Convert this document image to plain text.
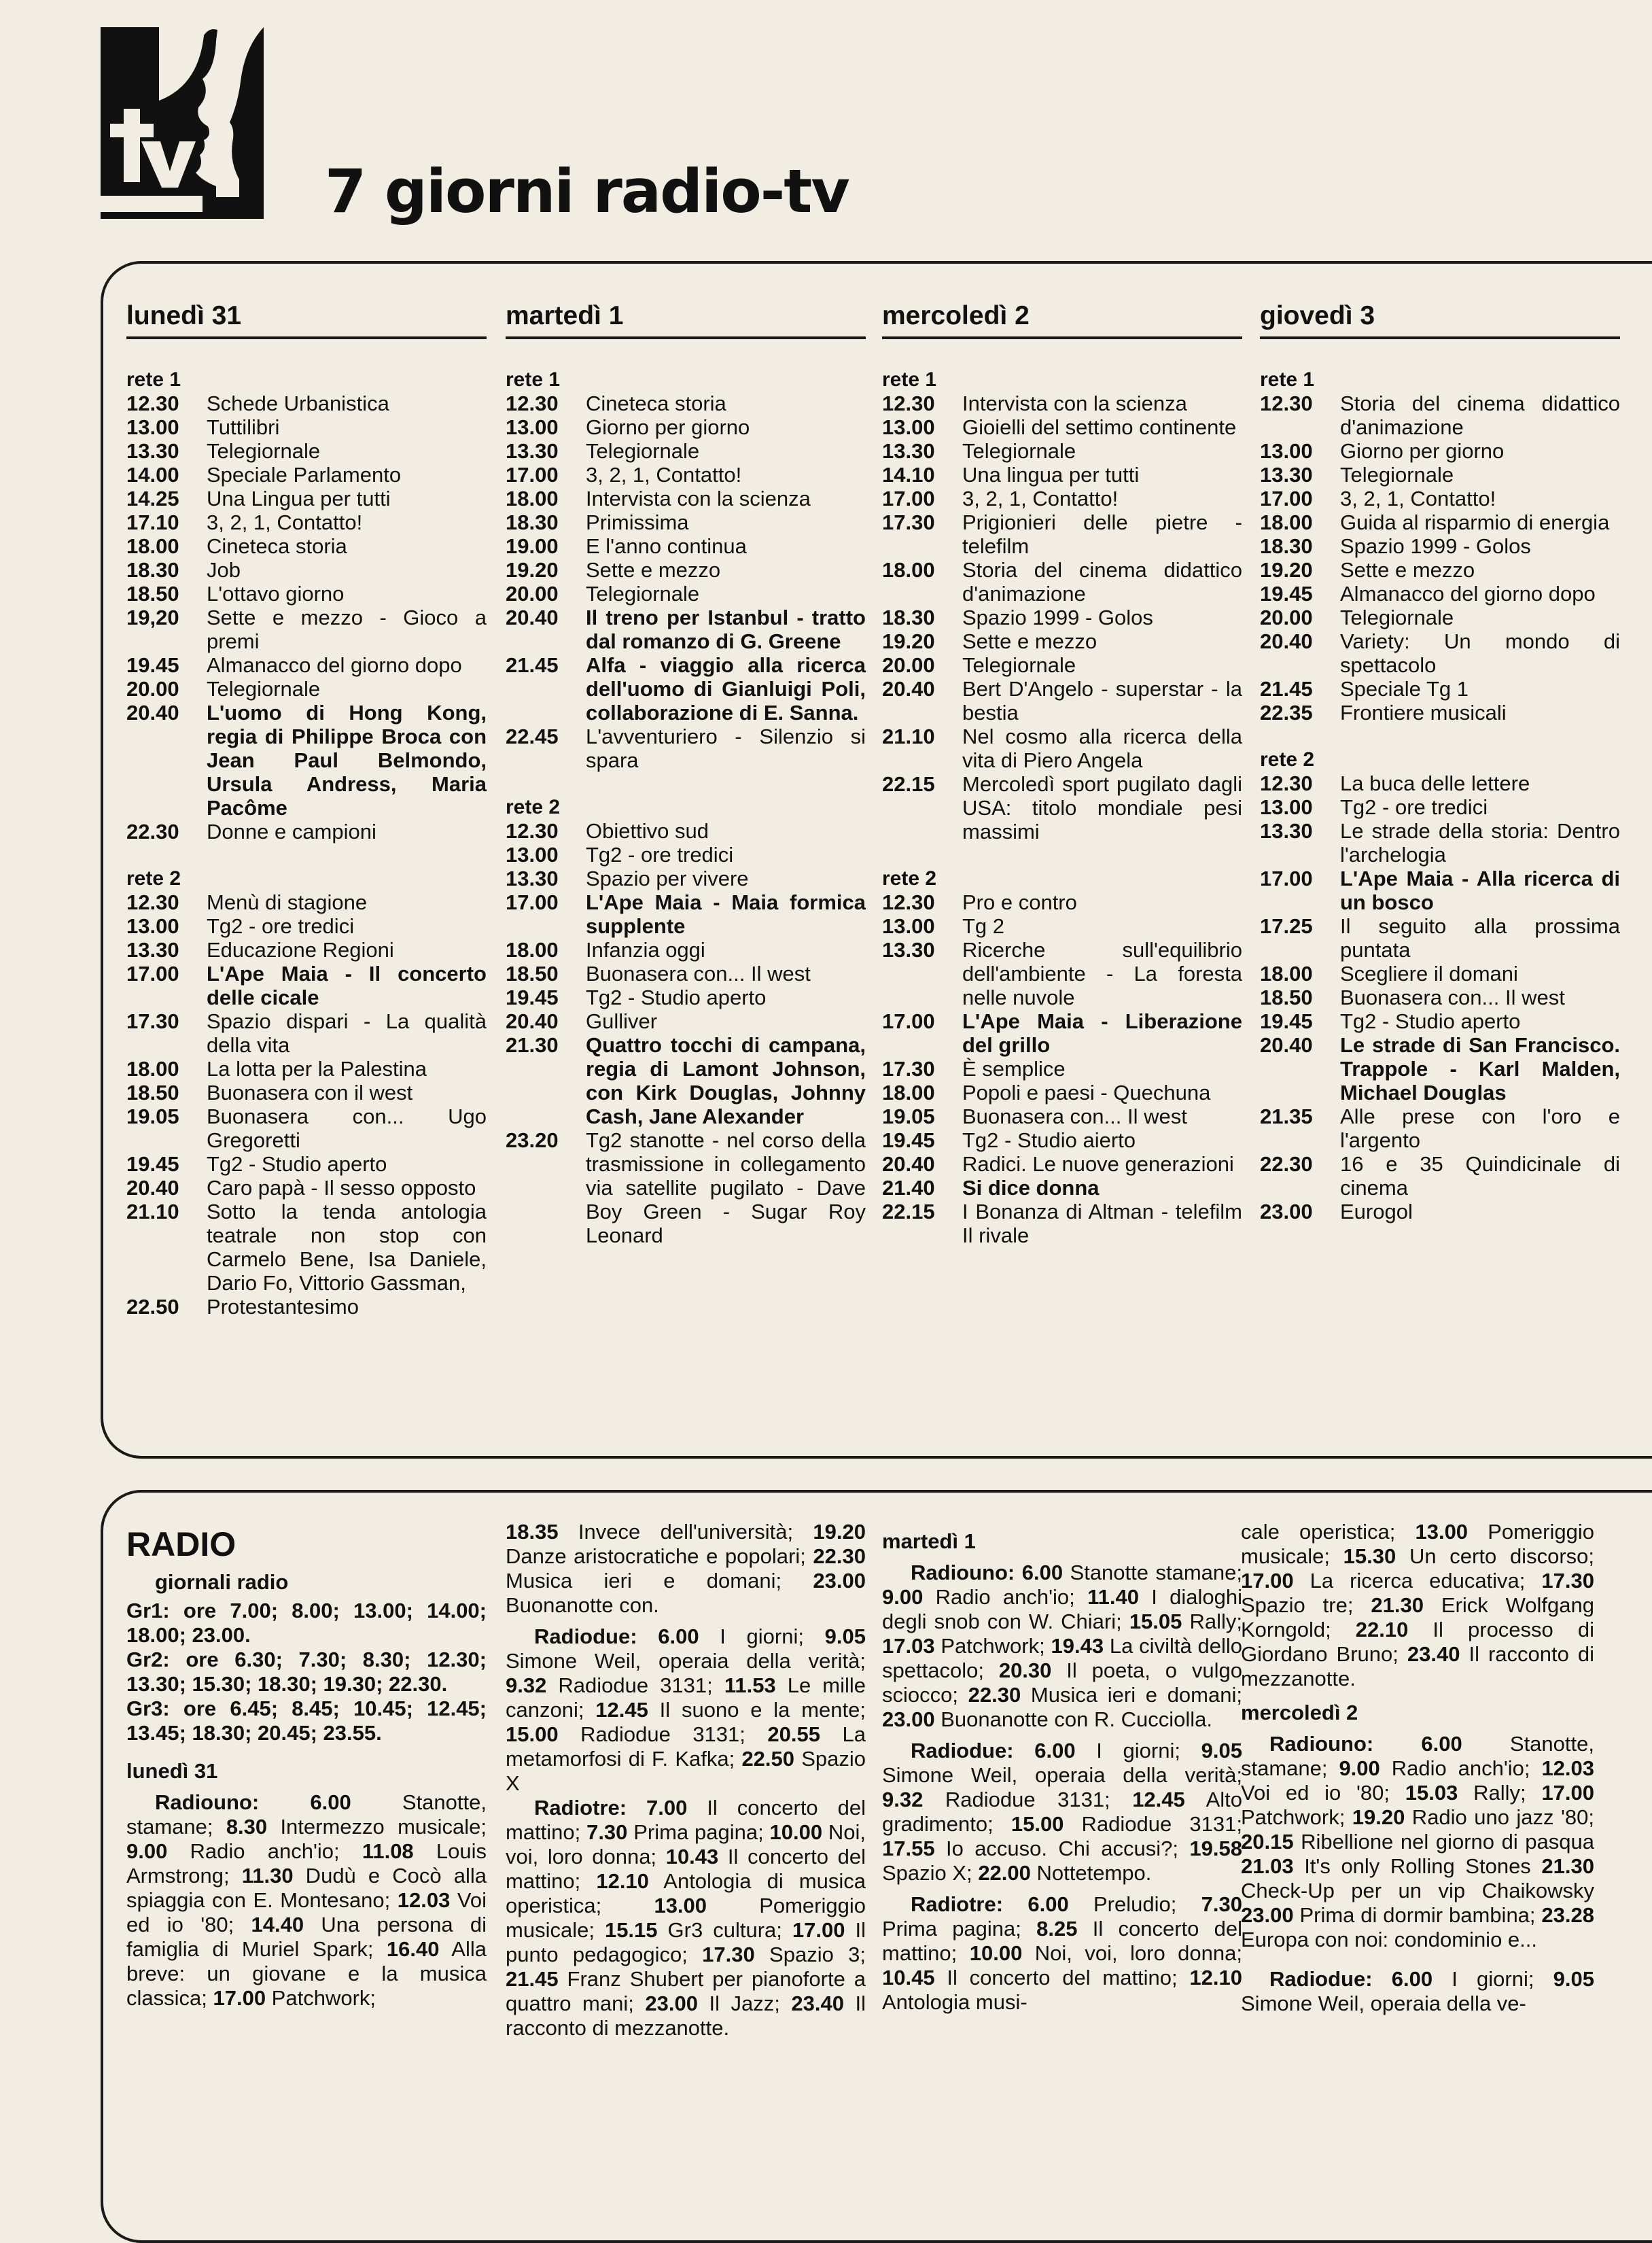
7 giorni radio-tv
lunedì 31
rete 1
12.30	Schede Urbanistica
13.00	Tuttilibri
13.30	Telegiornale
14.00	Speciale Parlamento
14.25	Una Lingua per tutti
17.10	3, 2, 1, Contatto!
18.00	Cineteca storia
18.30	Job
18.50	L'ottavo giorno
19,20	Sette e mezzo - Gioco a premi
19.45	Almanacco del giorno dopo
20.00	Telegiornale
20.40	L'uomo di Hong Kong, regia di Philippe Broca con Jean Paul Belmondo, Ursula Andress, Maria Pacôme
22.30	Donne e campioni
rete 2
12.30	Menù di stagione
13.00	Tg2 - ore tredici
13.30	Educazione Regioni
17.00	L'Ape Maia - Il concerto delle cicale
17.30	Spazio dispari - La qualità della vita
18.00	La lotta per la Palestina
18.50	Buonasera con il west
19.05	Buonasera con... Ugo Gregoretti
19.45	Tg2 - Studio aperto
20.40	Caro papà - Il sesso opposto
21.10	Sotto la tenda antologia teatrale non stop con Carmelo Bene, Isa Daniele, Dario Fo, Vittorio Gassman,
22.50	Protestantesimo
martedì 1
rete 1
12.30	Cineteca storia
13.00	Giorno per giorno
13.30	Telegiornale
17.00	3, 2, 1, Contatto!
18.00	Intervista con la scienza
18.30	Primissima
19.00	E l'anno continua
19.20	Sette e mezzo
20.00	Telegiornale
20.40	Il treno per Istanbul - tratto dal romanzo di G. Greene
21.45	Alfa - viaggio alla ricerca dell'uomo di Gianluigi Poli, collaborazione di E. Sanna.
22.45	L'avventuriero - Silenzio si spara
rete 2
12.30	Obiettivo sud
13.00	Tg2 - ore tredici
13.30	Spazio per vivere
17.00	L'Ape Maia - Maia formica supplente
18.00	Infanzia oggi
18.50	Buonasera con... Il west
19.45	Tg2 - Studio aperto
20.40	Gulliver
21.30	Quattro tocchi di campana, regia di Lamont Johnson, con Kirk Douglas, Johnny Cash, Jane Alexander
23.20	Tg2 stanotte - nel corso della trasmissione in collegamento via satellite pugilato - Dave Boy Green - Sugar Roy Leonard
mercoledì 2
rete 1
12.30	Intervista con la scienza
13.00	Gioielli del settimo continente
13.30	Telegiornale
14.10	Una lingua per tutti
17.00	3, 2, 1, Contatto!
17.30	Prigionieri delle pietre - telefilm
18.00	Storia del cinema didattico d'animazione
18.30	Spazio 1999 - Golos
19.20	Sette e mezzo
20.00	Telegiornale
20.40	Bert D'Angelo - superstar - la bestia
21.10	Nel cosmo alla ricerca della vita di Piero Angela
22.15	Mercoledì sport pugilato dagli USA: titolo mondiale pesi massimi
rete 2
12.30	Pro e contro
13.00	Tg 2
13.30	Ricerche sull'equilibrio dell'ambiente - La foresta nelle nuvole
17.00	L'Ape Maia - Liberazione del grillo
17.30	È semplice
18.00	Popoli e paesi - Quechuna
19.05	Buonasera con... Il west
19.45	Tg2 - Studio aierto
20.40	Radici. Le nuove generazioni
21.40	Si dice donna
22.15	I Bonanza di Altman - telefilm Il rivale
giovedì 3
rete 1
12.30	Storia del cinema didattico d'animazione
13.00	Giorno per giorno
13.30	Telegiornale
17.00	3, 2, 1, Contatto!
18.00	Guida al risparmio di energia
18.30	Spazio 1999 - Golos
19.20	Sette e mezzo
19.45	Almanacco del giorno dopo
20.00	Telegiornale
20.40	Variety: Un mondo di spettacolo
21.45	Speciale Tg 1
22.35	Frontiere musicali
rete 2
12.30	La buca delle lettere
13.00	Tg2 - ore tredici
13.30	Le strade della storia: Dentro l'archelogia
17.00	L'Ape Maia - Alla ricerca di un bosco
17.25	Il seguito alla prossima puntata
18.00	Scegliere il domani
18.50	Buonasera con... Il west
19.45	Tg2 - Studio aperto
20.40	Le strade di San Francisco. Trappole - Karl Malden, Michael Douglas
21.35	Alle prese con l'oro e l'argento
22.30	16 e 35 Quindicinale di cinema
23.00	Eurogol
RADIO
giornali radio

Gr1: ore 7.00; 8.00; 13.00; 14.00; 18.00; 23.00.

Gr2: ore 6.30; 7.30; 8.30; 12.30; 13.30; 15.30; 18.30; 19.30; 22.30.

Gr3: ore 6.45; 8.45; 10.45; 12.45; 13.45; 18.30; 20.45; 23.55.

lunedì 31

Radiouno: 6.00 Stanotte, stamane; 8.30 Intermezzo musicale; 9.00 Radio anch'io; 11.08 Louis Armstrong; 11.30 Dudù e Cocò alla spiaggia con E. Montesano; 12.03 Voi ed io '80; 14.40 Una persona di famiglia di Muriel Spark; 16.40 Alla breve: un giovane e la musica classica; 17.00 Patchwork;

18.35 Invece dell'università; 19.20 Danze aristocratiche e popolari; 22.30 Musica ieri e domani; 23.00 Buonanotte con.

Radiodue: 6.00 I giorni; 9.05 Simone Weil, operaia della verità; 9.32 Radiodue 3131; 11.53 Le mille canzoni; 12.45 Il suono e la mente; 15.00 Radiodue 3131; 20.55 La metamorfosi di F. Kafka; 22.50 Spazio X

Radiotre: 7.00 Il concerto del mattino; 7.30 Prima pagina; 10.00 Noi, voi, loro donna; 10.43 Il concerto del mattino; 12.10 Antologia di musica operistica; 13.00 Pomeriggio musicale; 15.15 Gr3 cultura; 17.00 Il punto pedagogico; 17.30 Spazio 3; 21.45 Franz Shubert per pianoforte a quattro mani; 23.00 Il Jazz; 23.40 Il racconto di mezzanotte.

martedì 1

Radiouno: 6.00 Stanotte stamane; 9.00 Radio anch'io; 11.40 I dialoghi degli snob con W. Chiari; 15.05 Rally; 17.03 Patchwork; 19.43 La civiltà dello spettacolo; 20.30 Il poeta, o vulgo sciocco; 22.30 Musica ieri e domani; 23.00 Buonanotte con R. Cucciolla.

Radiodue: 6.00 I giorni; 9.05 Simone Weil, operaia della verità; 9.32 Radiodue 3131; 12.45 Alto gradimento; 15.00 Radiodue 3131; 17.55 Io accuso. Chi accusi?; 19.58 Spazio X; 22.00 Nottetempo.

Radiotre: 6.00 Preludio; 7.30 Prima pagina; 8.25 Il concerto del mattino; 10.00 Noi, voi, loro donna; 10.45 Il concerto del mattino; 12.10 Antologia musi-

cale operistica; 13.00 Pomeriggio musicale; 15.30 Un certo discorso; 17.00 La ricerca educativa; 17.30 Spazio tre; 21.30 Erick Wolfgang Korngold; 22.10 Il processo di Giordano Bruno; 23.40 Il racconto di mezzanotte.

mercoledì 2

Radiouno: 6.00 Stanotte, stamane; 9.00 Radio anch'io; 12.03 Voi ed io '80; 15.03 Rally; 17.00 Patchwork; 19.20 Radio uno jazz '80; 20.15 Ribellione nel giorno di pasqua 21.03 It's only Rolling Stones 21.30 Check-Up per un vip Chaikowsky 23.00 Prima di dormir bambina; 23.28 Europa con noi: condominio e...

Radiodue: 6.00 I giorni; 9.05 Simone Weil, operaia della ve-
